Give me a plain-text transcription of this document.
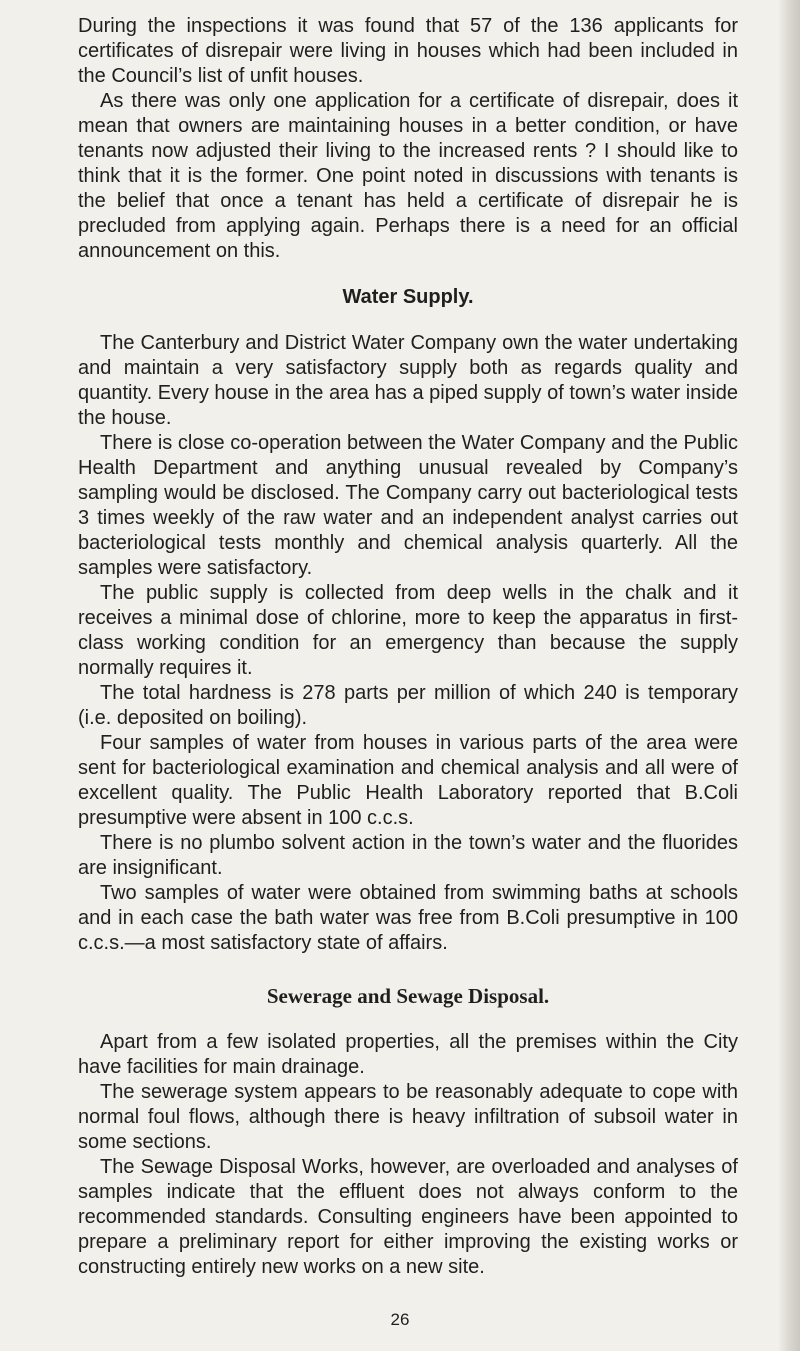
During the inspections it was found that 57 of the 136 applicants for certificates of disrepair were living in houses which had been included in the Council’s list of unfit houses.

As there was only one application for a certificate of disrepair, does it mean that owners are maintaining houses in a better condition, or have tenants now adjusted their living to the increased rents ? I should like to think that it is the former. One point noted in discussions with tenants is the belief that once a tenant has held a certificate of disrepair he is precluded from applying again. Perhaps there is a need for an official announcement on this.

Water Supply.

The Canterbury and District Water Company own the water undertaking and maintain a very satisfactory supply both as regards quality and quantity. Every house in the area has a piped supply of town’s water inside the house.

There is close co-operation between the Water Company and the Public Health Department and anything unusual revealed by Company’s sampling would be disclosed. The Company carry out bacteriological tests 3 times weekly of the raw water and an independent analyst carries out bacteriological tests monthly and chemical analysis quarterly. All the samples were satisfactory.

The public supply is collected from deep wells in the chalk and it receives a minimal dose of chlorine, more to keep the apparatus in first-class working condition for an emergency than because the supply normally requires it.

The total hardness is 278 parts per million of which 240 is temporary (i.e. deposited on boiling).

Four samples of water from houses in various parts of the area were sent for bacteriological examination and chemical analysis and all were of excellent quality. The Public Health Laboratory reported that B.Coli presumptive were absent in 100 c.c.s.

There is no plumbo solvent action in the town’s water and the fluorides are insignificant.

Two samples of water were obtained from swimming baths at schools and in each case the bath water was free from B.Coli presumptive in 100 c.c.s.—a most satisfactory state of affairs.

Sewerage and Sewage Disposal.

Apart from a few isolated properties, all the premises within the City have facilities for main drainage.

The sewerage system appears to be reasonably adequate to cope with normal foul flows, although there is heavy infiltration of subsoil water in some sections.

The Sewage Disposal Works, however, are overloaded and analyses of samples indicate that the effluent does not always conform to the recommended standards. Consulting engineers have been appointed to prepare a preliminary report for either improving the existing works or constructing entirely new works on a new site.

26
